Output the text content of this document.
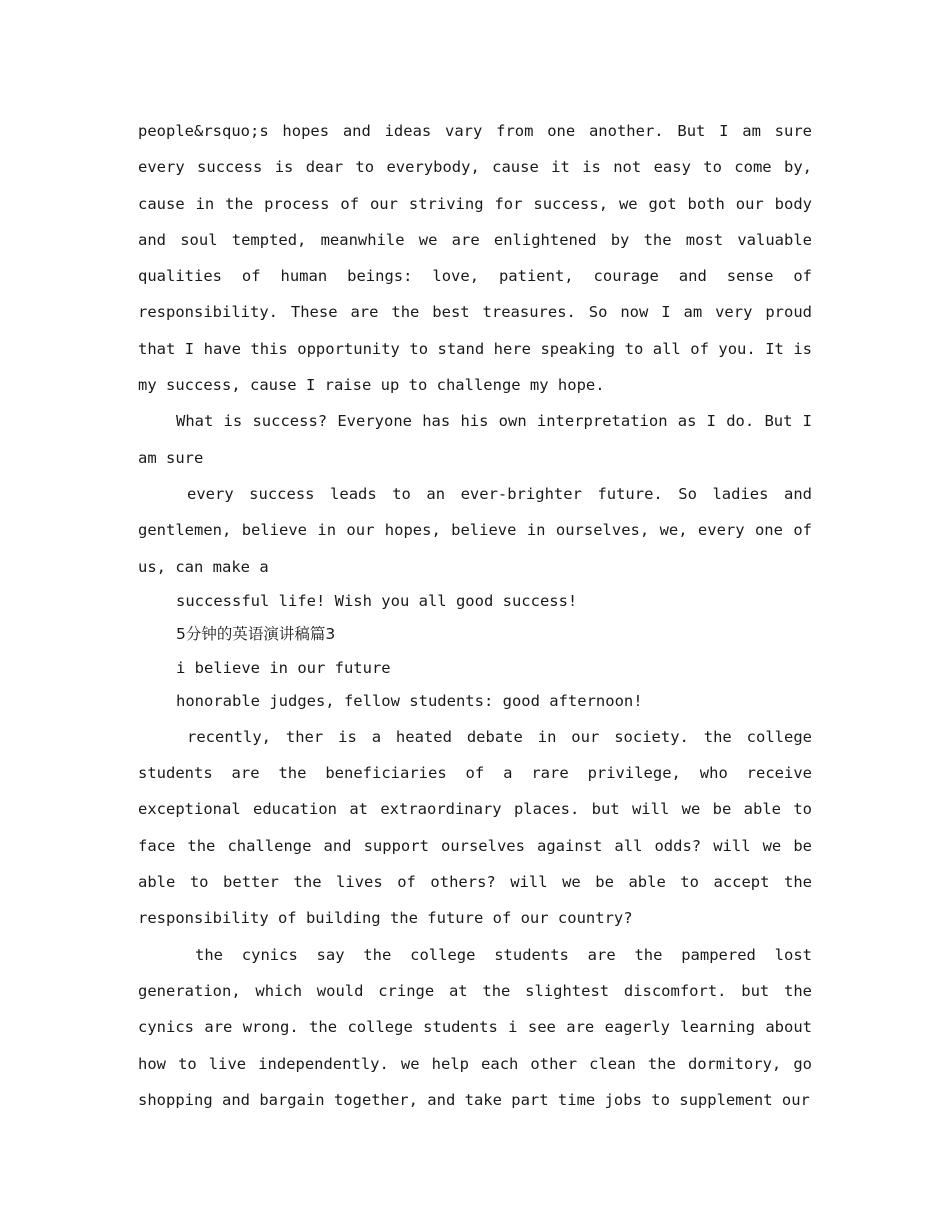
people&rsquo;s hopes and ideas vary from one another. But I am sure every success is dear to everybody, cause it is not easy to come by, cause in the process of our striving for success, we got both our body and soul tempted, meanwhile we are enlightened by the most valuable qualities of human beings: love, patient, courage and sense of responsibility. These are the best treasures. So now I am very proud that I have this opportunity to stand here speaking to all of you. It is my success, cause I raise up to challenge my hope.

What is success? Everyone has his own interpretation as I do. But I am sure

every success leads to an ever-brighter future. So ladies and gentlemen, believe in our hopes, believe in ourselves, we, every one of us, can make a

successful life! Wish you all good success!

5分钟的英语演讲稿篇3

i believe in our future

honorable judges, fellow students: good afternoon!

recently, ther is a heated debate in our society. the college students are the beneficiaries of a rare privilege, who receive exceptional education at extraordinary places. but will we be able to face the challenge and support ourselves against all odds? will we be able to better the lives of others? will we be able to accept the responsibility of building the future of our country?

the cynics say the college students are the pampered lost generation, which would cringe at the slightest discomfort. but the cynics are wrong. the college students i see are eagerly learning about how to live independently. we help each other clean the dormitory, go shopping and bargain together, and take part time jobs to supplement our
